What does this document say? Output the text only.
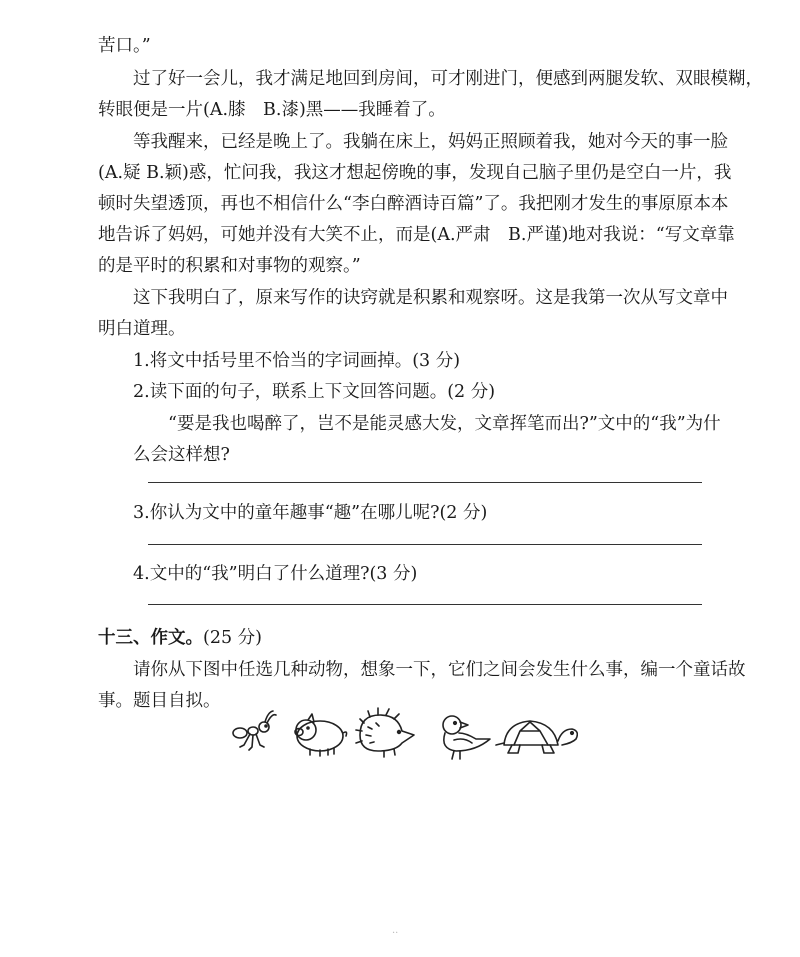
苦口。”
过了好一会儿，我才满足地回到房间，可才刚进门，便感到两腿发软、双眼模糊，
转眼便是一片(A.膝　B.漆)黑——我睡着了。
等我醒来，已经是晚上了。我躺在床上，妈妈正照顾着我，她对今天的事一脸
(A.疑 B.颖)惑，忙问我，我这才想起傍晚的事，发现自己脑子里仍是空白一片，我
顿时失望透顶，再也不相信什么“李白醉酒诗百篇”了。我把刚才发生的事原原本本
地告诉了妈妈，可她并没有大笑不止，而是(A.严肃　B.严谨)地对我说：“写文章靠
的是平时的积累和对事物的观察。”
这下我明白了，原来写作的诀窍就是积累和观察呀。这是我第一次从写文章中
明白道理。
1.将文中括号里不恰当的字词画掉。(3 分)
2.读下面的句子，联系上下文回答问题。(2 分)
“要是我也喝醉了，岂不是能灵感大发，文章挥笔而出?”文中的“我”为什
么会这样想?
3.你认为文中的童年趣事“趣”在哪儿呢?(2 分)
4.文中的“我”明白了什么道理?(3 分)
十三、作文。(25 分)
请你从下图中任选几种动物，想象一下，它们之间会发生什么事，编一个童话故
事。题目自拟。
··
